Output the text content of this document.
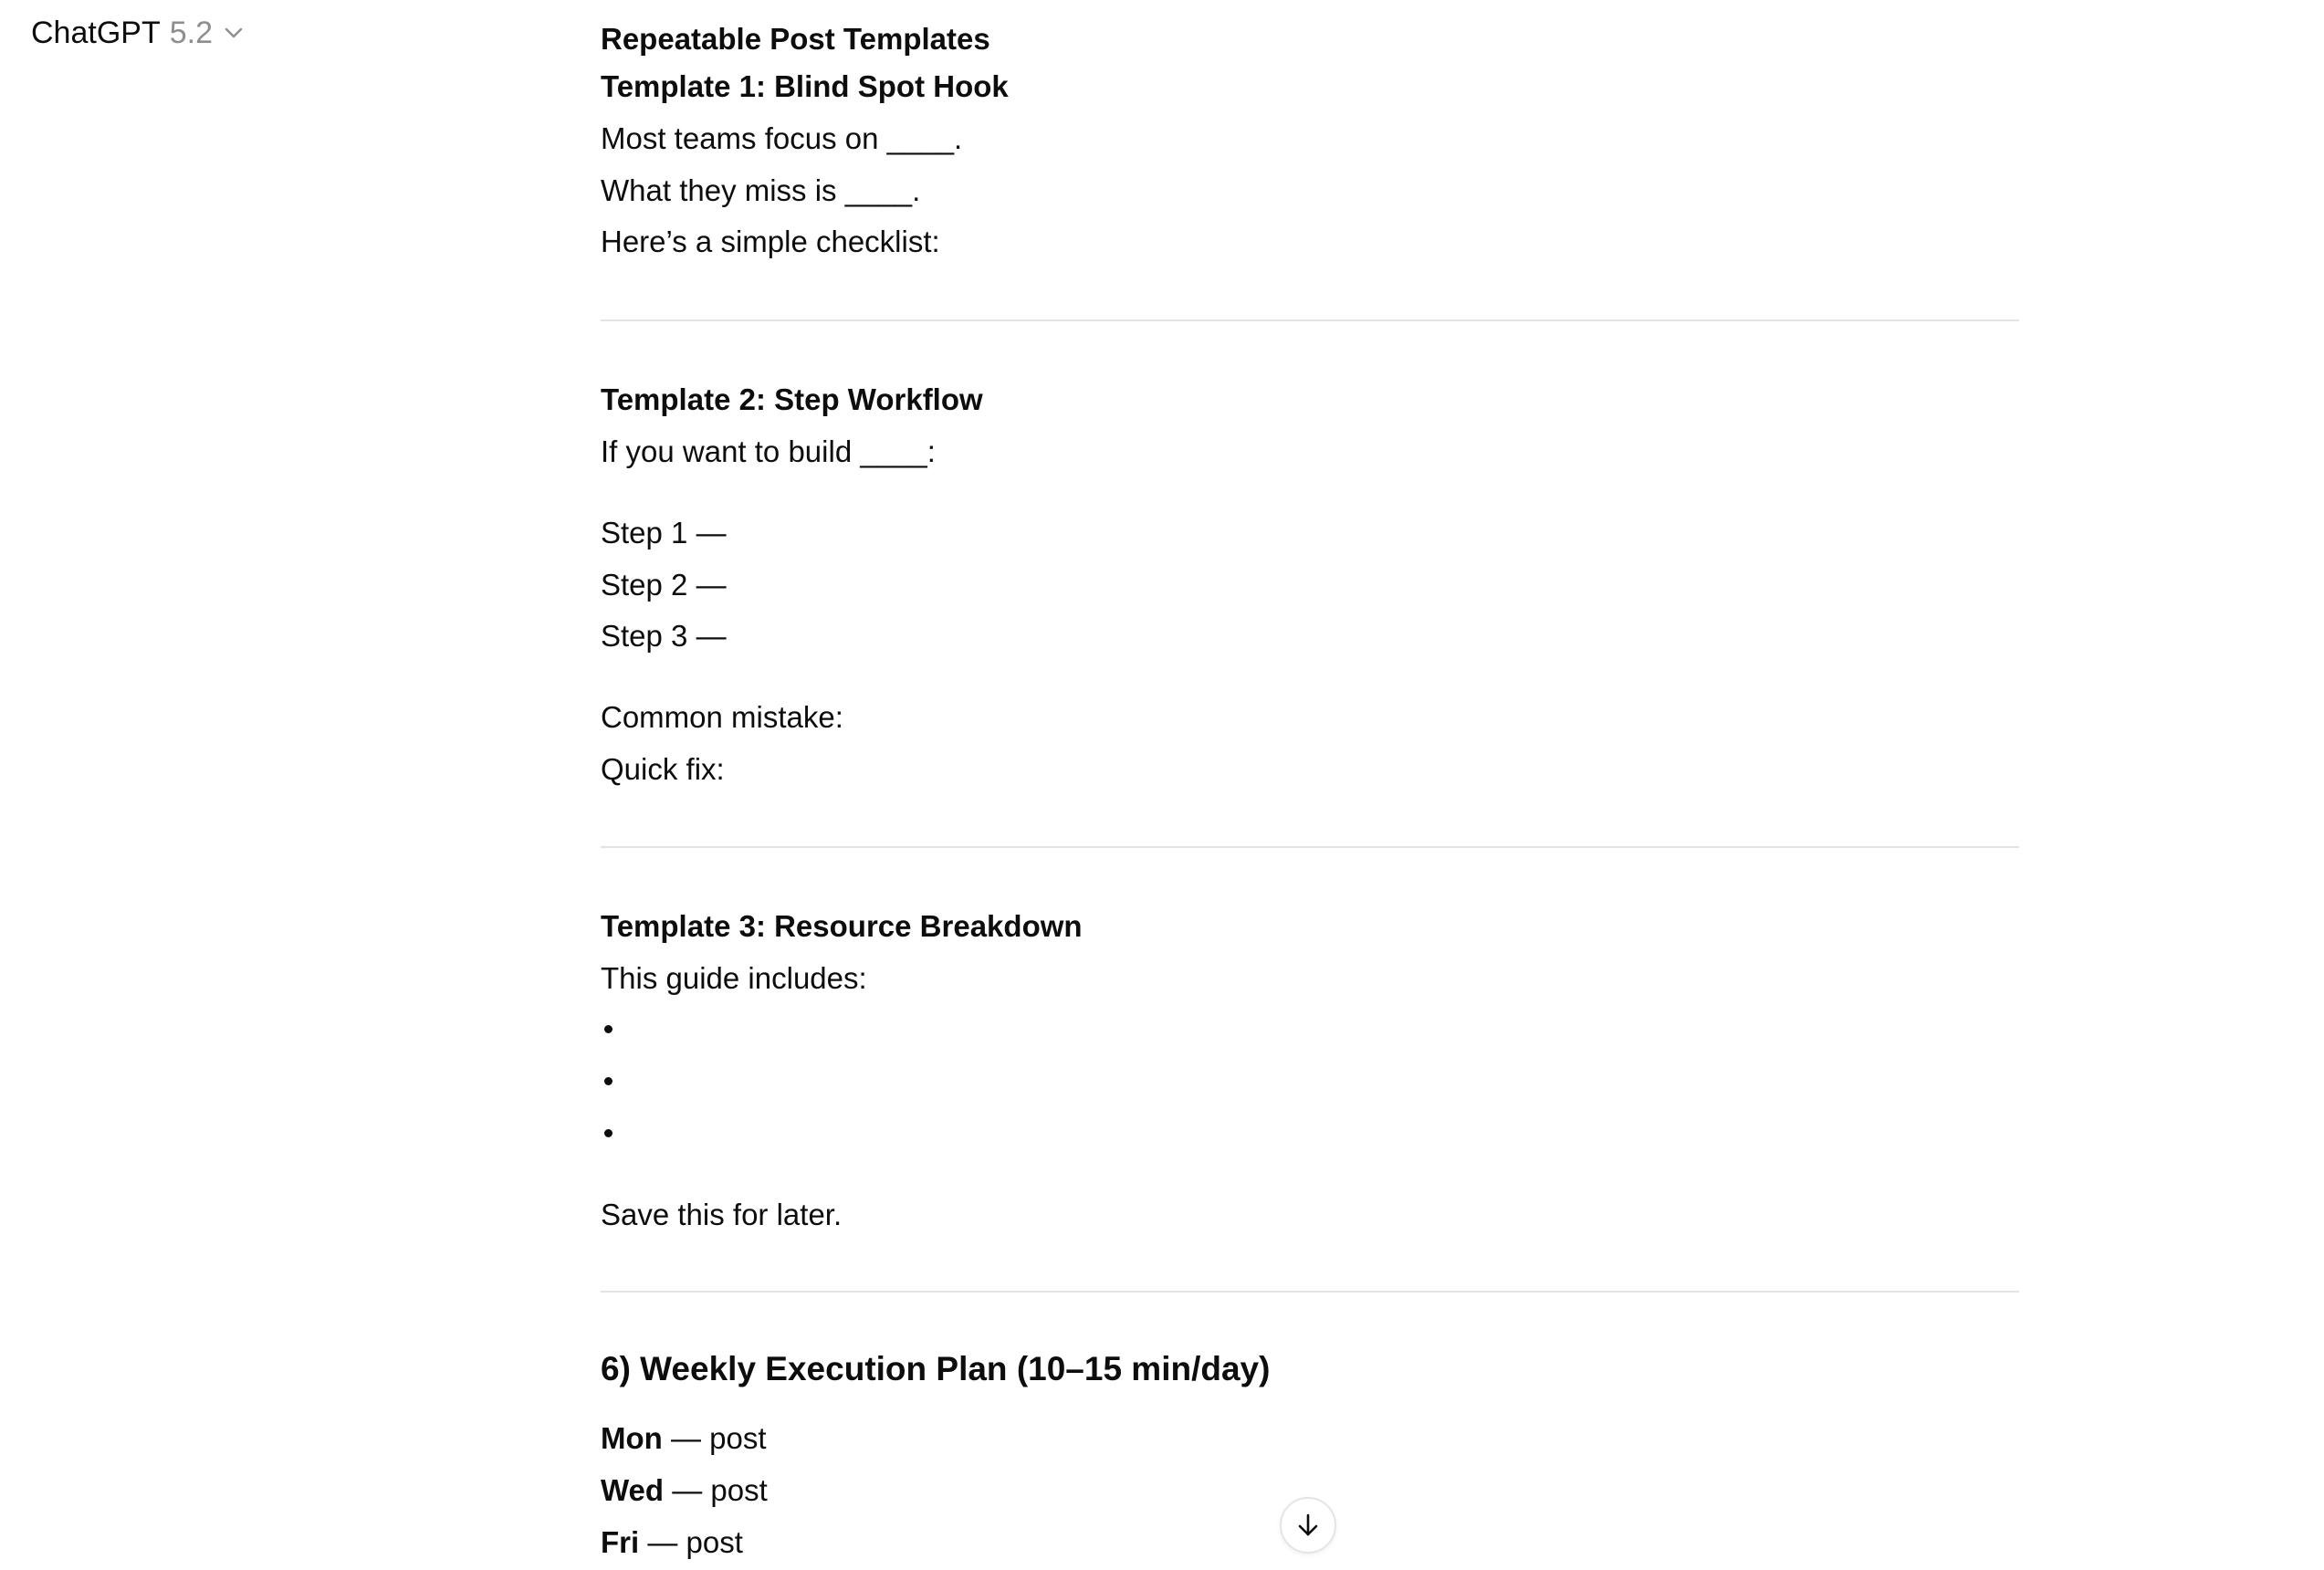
ChatGPT 5.2	Repeatable Post Templates
Template 1: Blind Spot Hook
Most teams focus on ____.
What they miss is ____.
Here’s a simple checklist:
Template 2: Step Workflow
If you want to build ____:
Step 1 —
Step 2 —
Step 3 —
Common mistake:
Quick fix:
Template 3: Resource Breakdown
This guide includes:
Save this for later.
6) Weekly Execution Plan (10–15 min/day)
Mon — post
Wed — post
Fri — post
